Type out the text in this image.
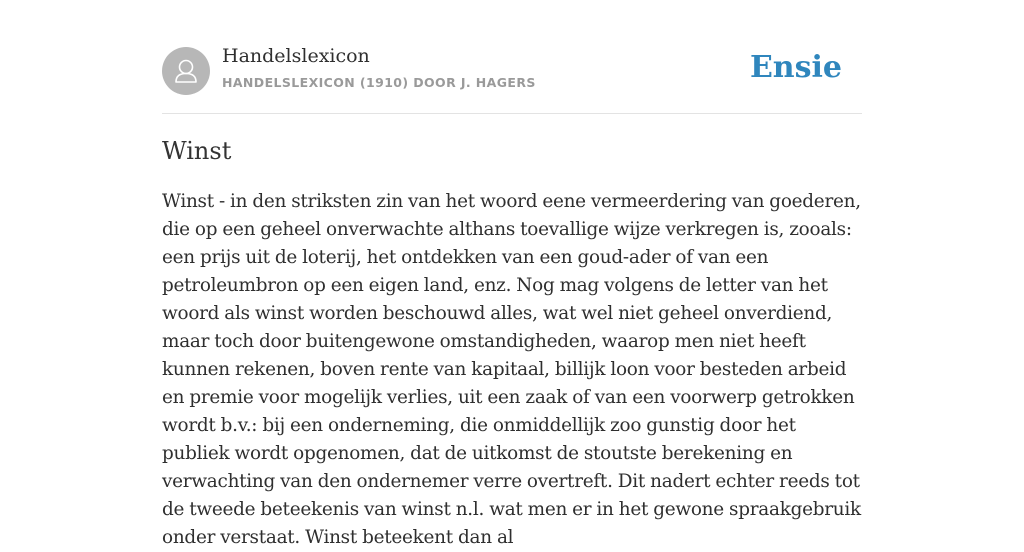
Handelslexicon
HANDELSLEXICON (1910) DOOR J. HAGERS	Ensie
Winst
Winst - in den striksten zin van het woord eene vermeerdering van goederen, die op een geheel onverwachte althans toevallige wijze verkregen is, zooals: een prijs uit de loterij, het ontdekken van een goud-ader of van een petroleumbron op een eigen land, enz. Nog mag volgens de letter van het woord als winst worden beschouwd alles, wat wel niet geheel onverdiend, maar toch door buitengewone omstandigheden, waarop men niet heeft kunnen rekenen, boven rente van kapitaal, billijk loon voor besteden arbeid en premie voor mogelijk verlies, uit een zaak of van een voorwerp getrokken wordt b.v.: bij een onderneming, die onmiddellijk zoo gunstig door het publiek wordt opgenomen, dat de uitkomst de stoutste berekening en verwachting van den ondernemer verre overtreft. Dit nadert echter reeds tot de tweede beteekenis van winst n.l. wat men er in het gewone spraakgebruik onder verstaat. Winst beteekent dan al
